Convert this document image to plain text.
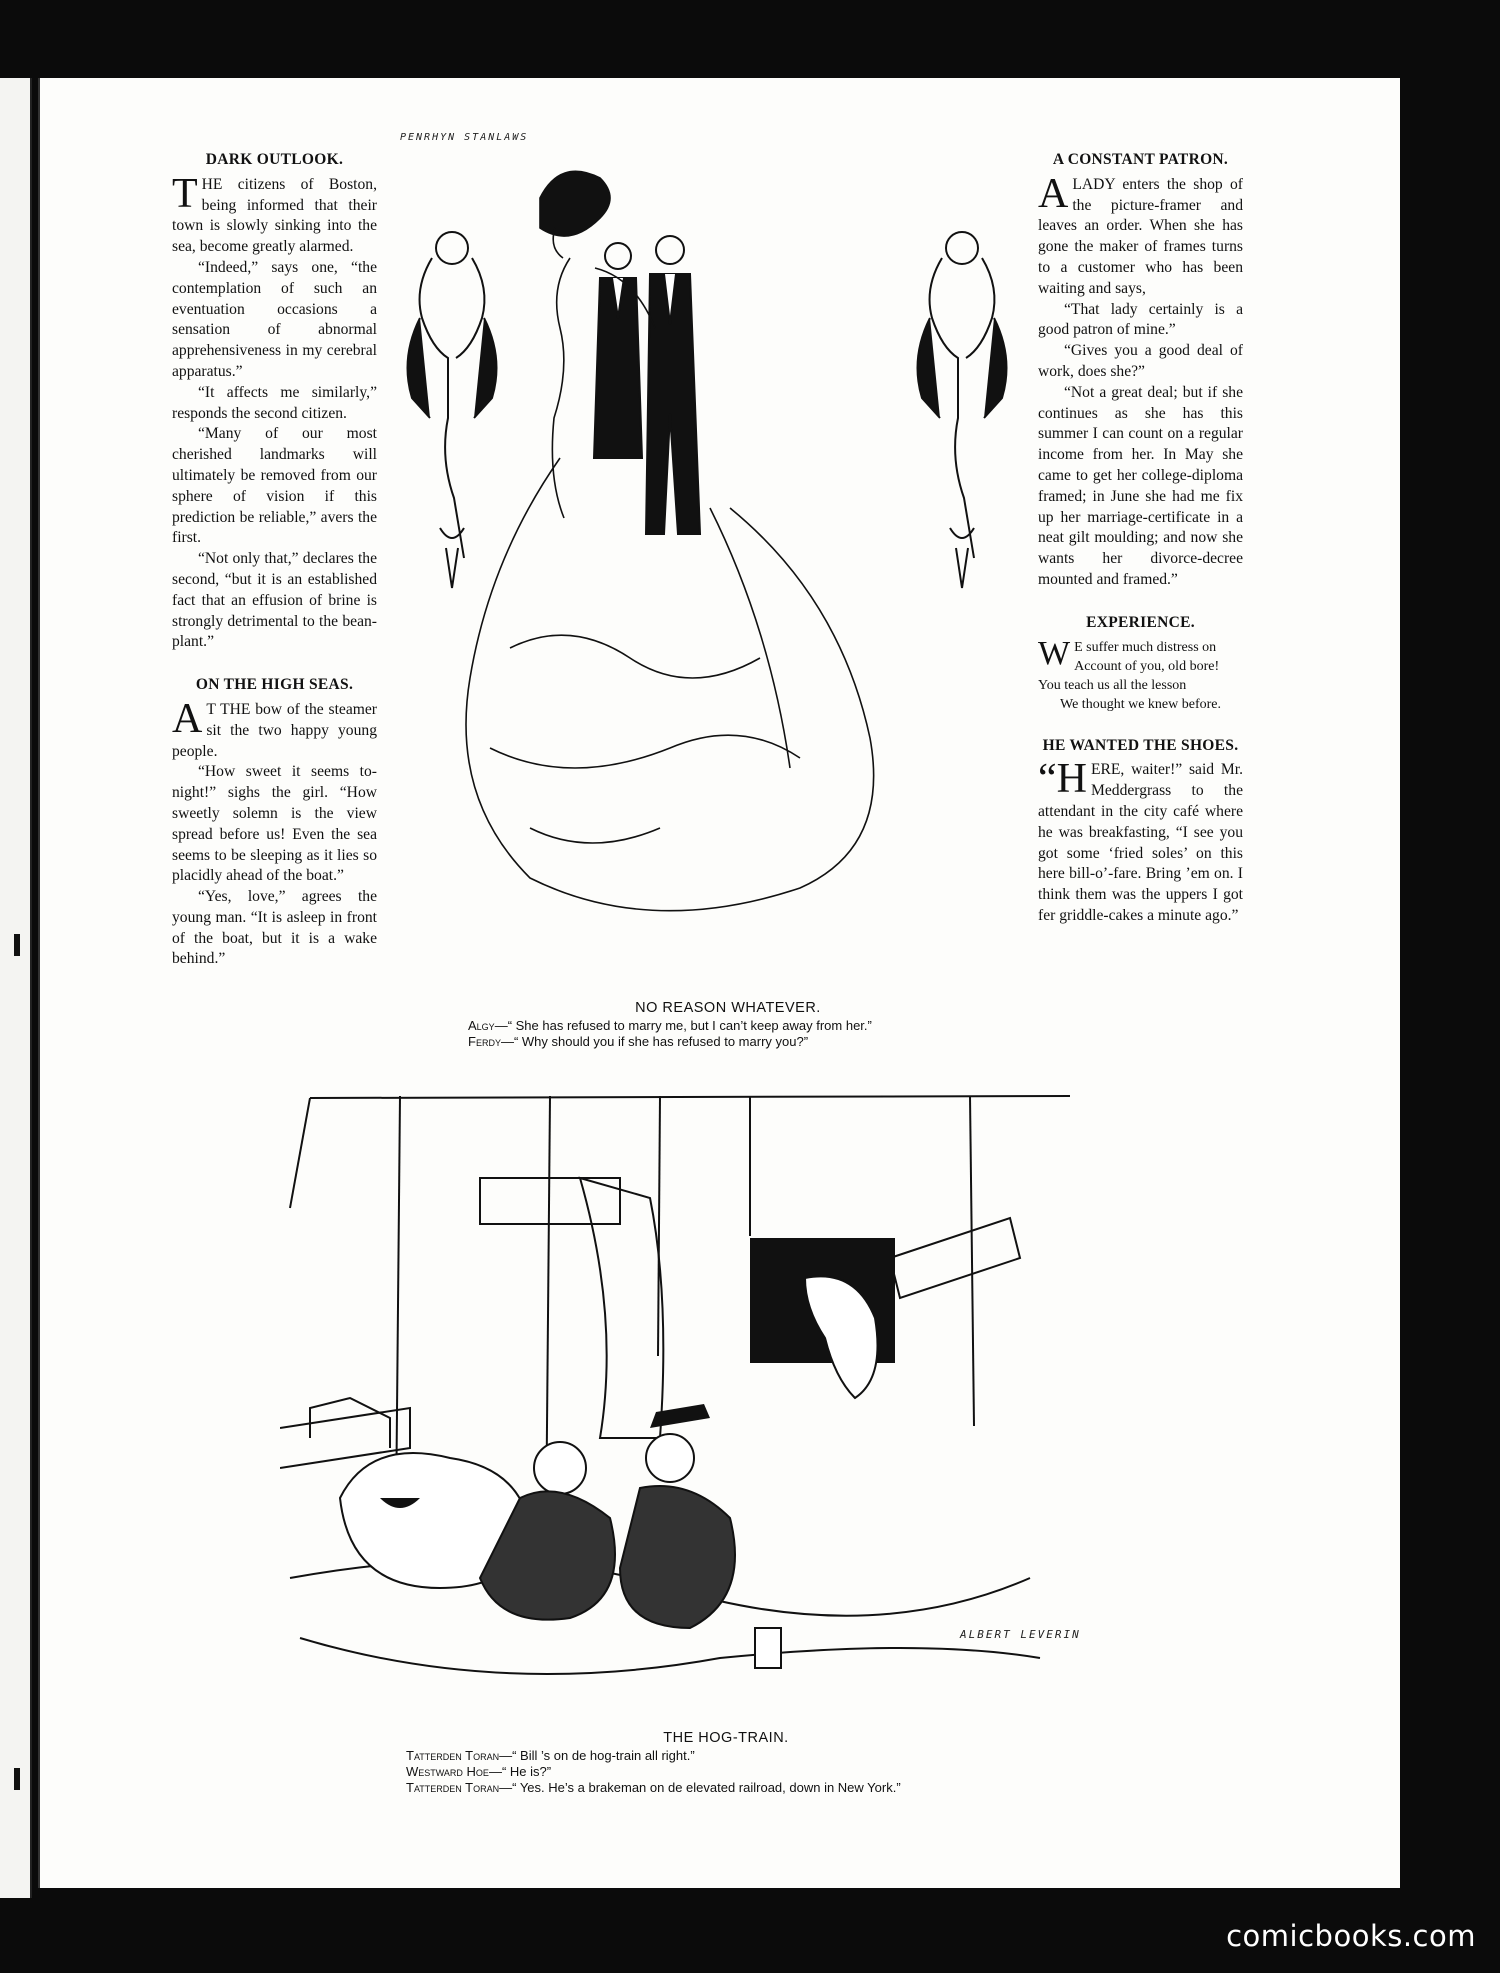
DARK OUTLOOK.

THE citizens of Boston, being informed that their town is slowly sinking into the sea, become greatly alarmed.

“Indeed,” says one, “the contemplation of such an eventuation occasions a sensation of abnormal apprehensiveness in my cerebral apparatus.”

“It affects me similarly,” responds the second citizen.

“Many of our most cherished landmarks will ultimately be removed from our sphere of vision if this prediction be reliable,” avers the first.

“Not only that,” declares the second, “but it is an established fact that an effusion of brine is strongly detrimental to the bean-plant.”

ON THE HIGH SEAS.

A T THE bow of the steamer sit the two happy young people.

“How sweet it seems to-night!” sighs the girl. “How sweetly solemn is the view spread before us! Even the sea seems to be sleeping as it lies so placidly ahead of the boat.”

“Yes, love,” agrees the young man. “It is asleep in front of the boat, but it is a wake behind.”

A CONSTANT PATRON.

ALADY enters the shop of the picture-framer and leaves an order. When she has gone the maker of frames turns to a customer who has been waiting and says,

“That lady certainly is a good patron of mine.”

“Gives you a good deal of work, does she?”

“Not a great deal; but if she continues as she has this summer I can count on a regular income from her. In May she came to get her college-diploma framed; in June she had me fix up her marriage-certificate in a neat gilt moulding; and now she wants her divorce-decree mounted and framed.”

EXPERIENCE.

W E suffer much distress on

Account of you, old bore!

You teach us all the lesson

We thought we knew before.

HE WANTED THE SHOES.

“HERE, waiter!” said Mr. Meddergrass to the attendant in the city café where he was breakfasting, “I see you got some ‘fried soles’ on this here bill-o’-fare. Bring ’em on. I think them was the uppers I got fer griddle-cakes a minute ago.”

PENRHYN STANLAWS
NO REASON WHATEVER.
Algy—“ She has refused to marry me, but I can’t keep away from her.”
Ferdy—“ Why should you if she has refused to marry you?”
ALBERT LEVERING
THE HOG-TRAIN.
Tatterden Toran—“ Bill ’s on de hog-train all right.”
Westward Hoe—“ He is?”
Tatterden Toran—“ Yes. He’s a brakeman on de elevated railroad, down in New York.”
comicbooks.com
